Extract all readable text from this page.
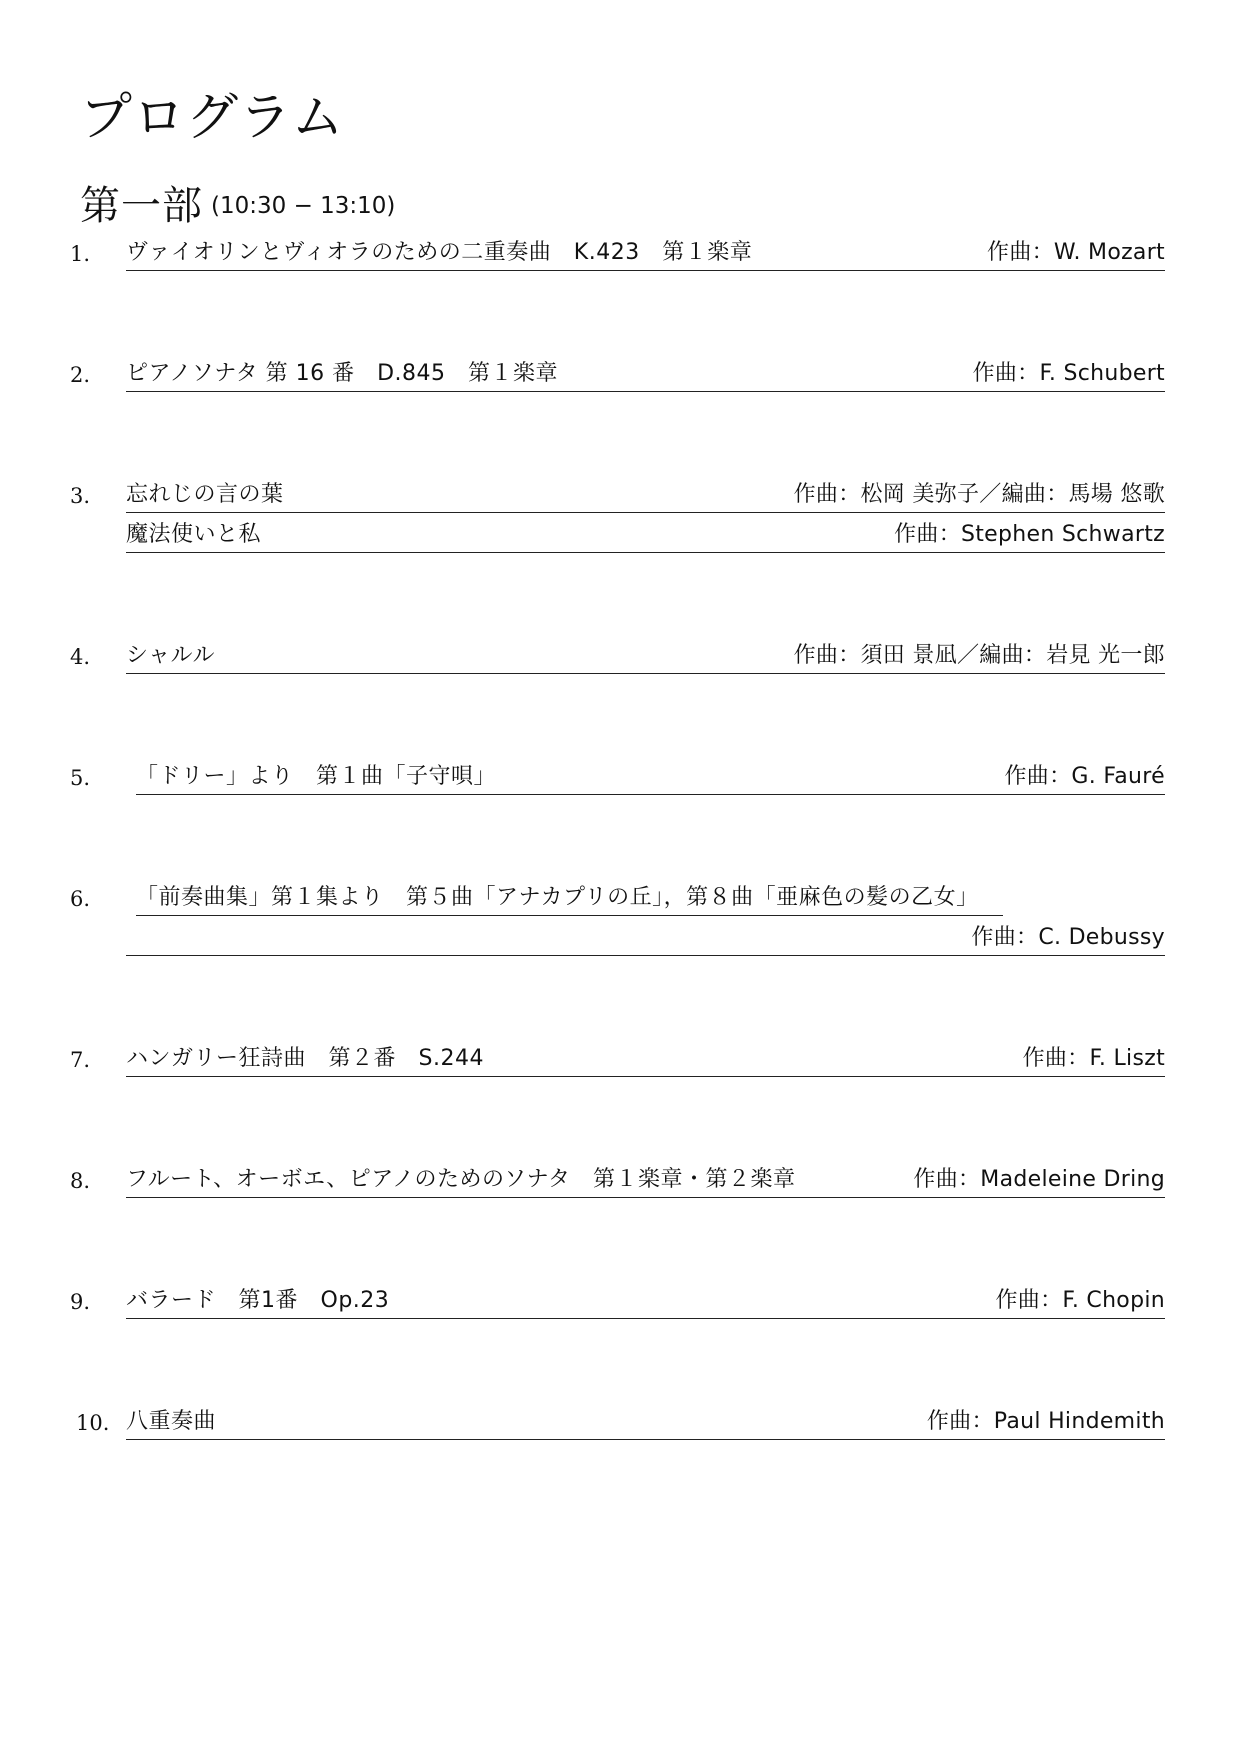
プログラム
第一部 (10:30 − 13:10)
1.	ヴァイオリンとヴィオラのための二重奏曲　K.423　第１楽章	作曲：W. Mozart
2.	ピアノソナタ 第 16 番　D.845　第１楽章	作曲：F. Schubert
3.	忘れじの言の葉	作曲：松岡 美弥子／編曲：馬場 悠歌
魔法使いと私	作曲：Stephen Schwartz
4.	シャルル	作曲：須田 景凪／編曲：岩見 光一郎
5.	「ドリー」より　第１曲「子守唄」	作曲：G. Fauré
6.	「前奏曲集」第１集より　第５曲「アナカプリの丘」，第８曲「亜麻色の髪の乙女」
作曲：C. Debussy
7.	ハンガリー狂詩曲　第２番　S.244	作曲：F. Liszt
8.	フルート、オーボエ、ピアノのためのソナタ　第１楽章・第２楽章	作曲：Madeleine Dring
9.	バラード　第1番　Op.23	作曲：F. Chopin
10. 八重奏曲	作曲：Paul Hindemith
